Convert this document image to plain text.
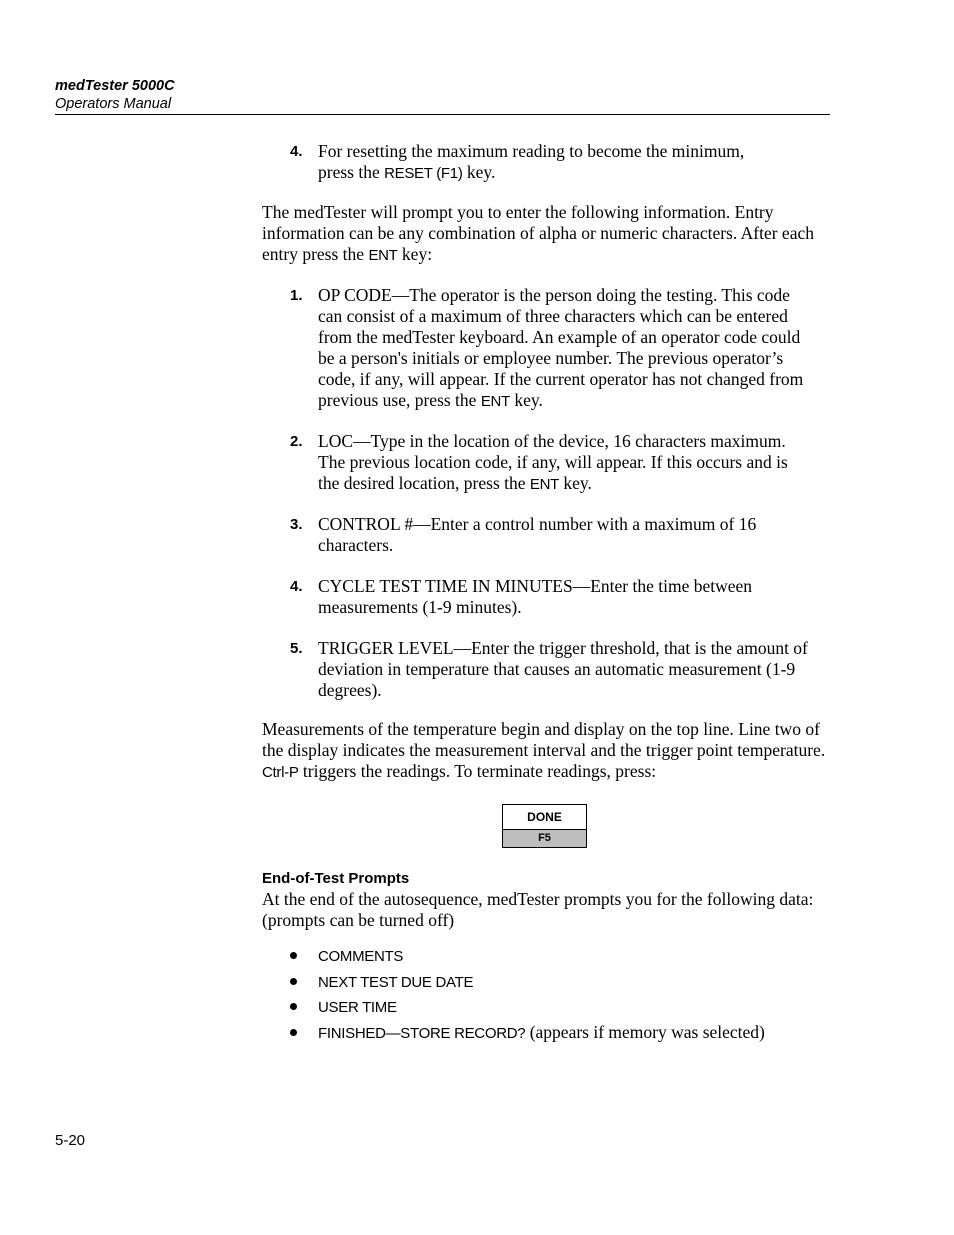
medTester 5000C
Operators Manual
4. For resetting the maximum reading to become the minimum,
press the RESET (F1) key.

The medTester will prompt you to enter the following information. Entry information can be any combination of alpha or numeric characters. After each entry press the ENT key:

1. OP CODE—The operator is the person doing the testing. This code can consist of a maximum of three characters which can be entered from the medTester keyboard. An example of an operator code could be a person's initials or employee number. The previous operator’s code, if any, will appear. If the current operator has not changed from previous use, press the ENT key.
2. LOC—Type in the location of the device, 16 characters maximum. The previous location code, if any, will appear. If this occurs and is the desired location, press the ENT key.
3. CONTROL #—Enter a control number with a maximum of 16 characters.
4. CYCLE TEST TIME IN MINUTES—Enter the time between measurements (1-9 minutes).
5. TRIGGER LEVEL—Enter the trigger threshold, that is the amount of deviation in temperature that causes an automatic measurement (1-9 degrees).

Measurements of the temperature begin and display on the top line. Line two of the display indicates the measurement interval and the trigger point temperature. Ctrl-P triggers the readings. To terminate readings, press:

DONE
F5
End-of-Test Prompts

At the end of the autosequence, medTester prompts you for the following data: (prompts can be turned off)

COMMENTS
NEXT TEST DUE DATE
USER TIME
FINISHED—STORE RECORD? (appears if memory was selected)
5-20
